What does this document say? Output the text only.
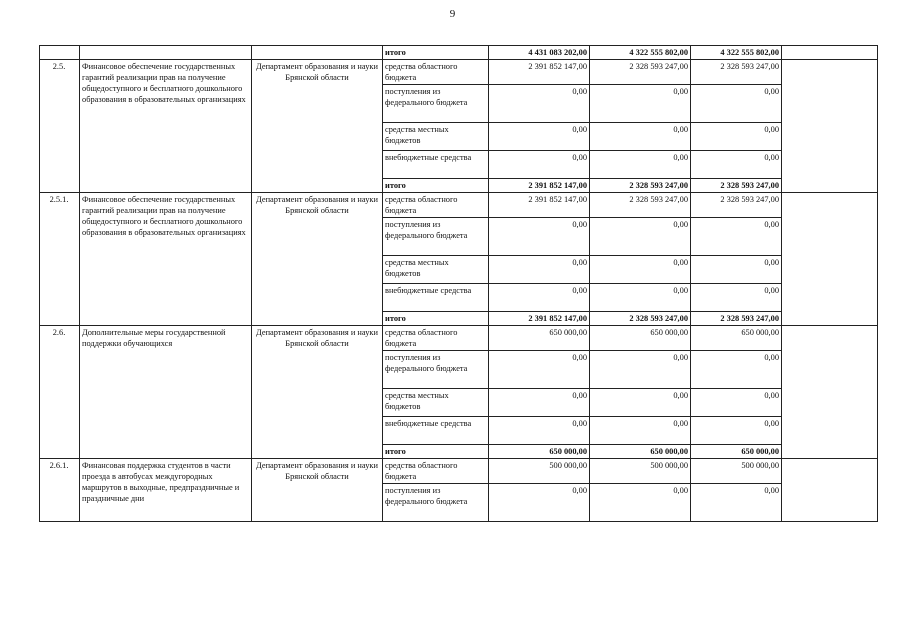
9
			итого	4 431 083 202,00	4 322 555 802,00	4 322 555 802,00	
2.5.	Финансовое обеспечение государственных гарантий реализации прав на получение общедоступного и бесплатного дошкольного образования в образовательных организациях	Департамент образования и науки Брянской области	средства областного бюджета	2 391 852 147,00	2 328 593 247,00	2 328 593 247,00	
			поступления из федерального бюджета	0,00	0,00	0,00	
			средства местных бюджетов	0,00	0,00	0,00	
			внебюджетные средства	0,00	0,00	0,00	
			итого	2 391 852 147,00	2 328 593 247,00	2 328 593 247,00	
2.5.1.	Финансовое обеспечение государственных гарантий реализации прав на получение общедоступного и бесплатного дошкольного образования в образовательных организациях	Департамент образования и науки Брянской области	средства областного бюджета	2 391 852 147,00	2 328 593 247,00	2 328 593 247,00	
			поступления из федерального бюджета	0,00	0,00	0,00	
			средства местных бюджетов	0,00	0,00	0,00	
			внебюджетные средства	0,00	0,00	0,00	
			итого	2 391 852 147,00	2 328 593 247,00	2 328 593 247,00	
2.6.	Дополнительные меры государственной поддержки обучающихся	Департамент образования и науки Брянской области	средства областного бюджета	650 000,00	650 000,00	650 000,00	
			поступления из федерального бюджета	0,00	0,00	0,00	
			средства местных бюджетов	0,00	0,00	0,00	
			внебюджетные средства	0,00	0,00	0,00	
			итого	650 000,00	650 000,00	650 000,00	
2.6.1.	Финансовая поддержка студентов в части проезда в автобусах междугородных маршрутов в выходные, предпраздничные и праздничные дни	Департамент образования и науки Брянской области	средства областного бюджета	500 000,00	500 000,00	500 000,00	
			поступления из федерального бюджета	0,00	0,00	0,00	
